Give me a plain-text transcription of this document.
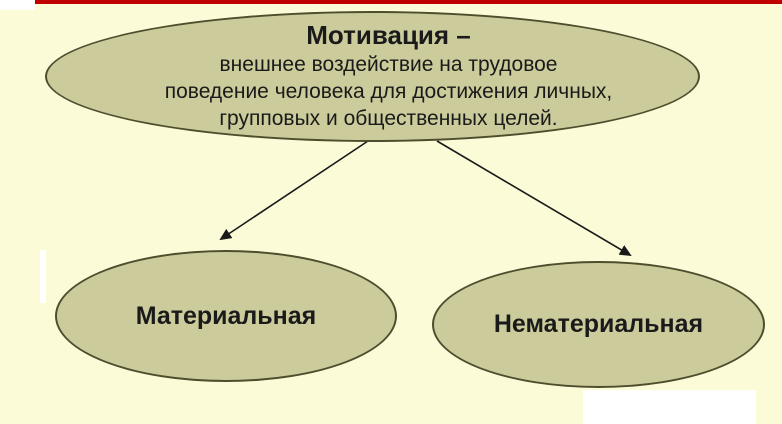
Мотивация –
внешнее воздействие на трудовое
поведение человека для достижения личных,
групповых и общественных целей.
Материальная	Нематериальная
